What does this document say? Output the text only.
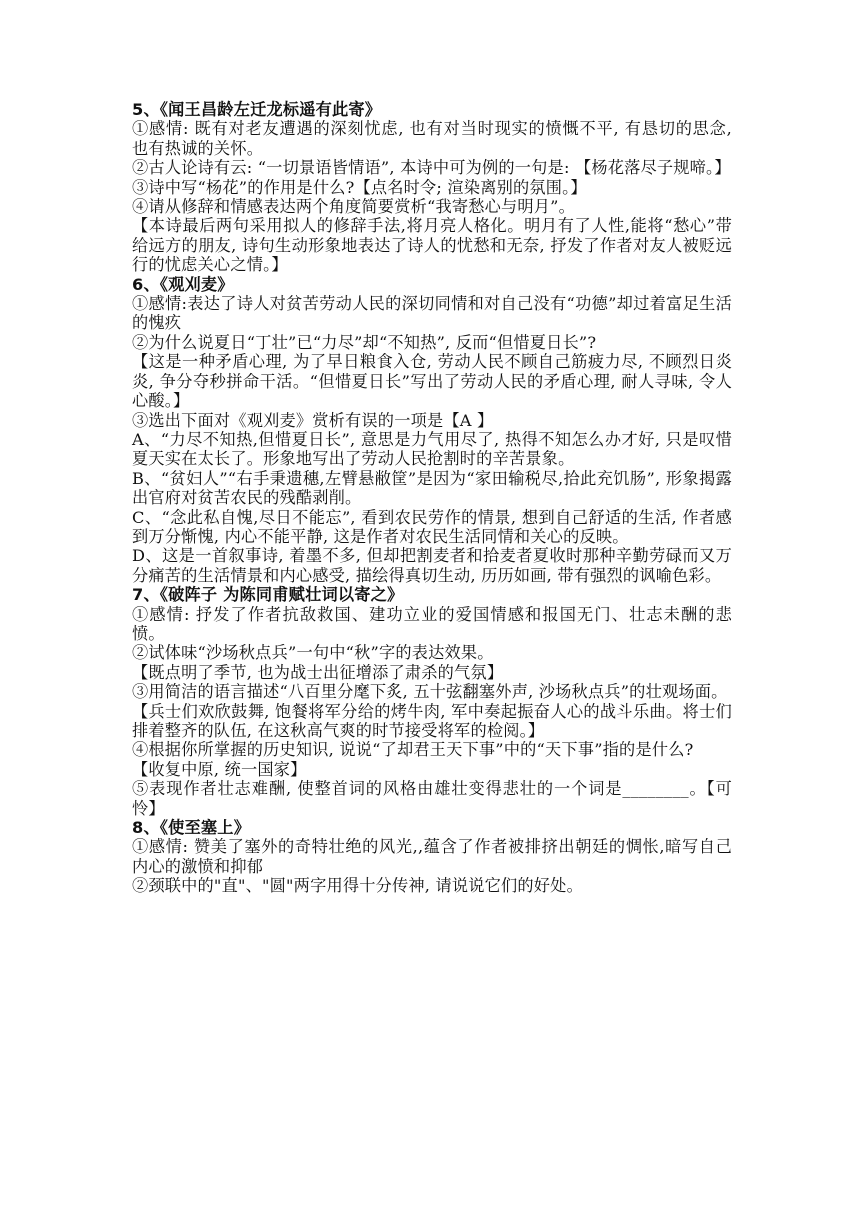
5、《闻王昌龄左迁龙标遥有此寄》

①感情: 既有对老友遭遇的深刻忧虑, 也有对当时现实的愤慨不平, 有恳切的思念, 也有热诚的关怀。

②古人论诗有云: “一切景语皆情语”, 本诗中可为例的一句是: 【杨花落尽子规啼。】

③诗中写“杨花”的作用是什么?【点名时令; 渲染离别的氛围。】

④请从修辞和情感表达两个角度简要赏析“我寄愁心与明月”。

【本诗最后两句采用拟人的修辞手法,将月亮人格化。明月有了人性,能将“愁心”带给远方的朋友, 诗句生动形象地表达了诗人的忧愁和无奈, 抒发了作者对友人被贬远行的忧虑关心之情。】

6、《观刈麦》

①感情:表达了诗人对贫苦劳动人民的深切同情和对自己没有“功德”却过着富足生活的愧疚

②为什么说夏日“丁壮”已“力尽”却“不知热”, 反而“但惜夏日长”?

【这是一种矛盾心理, 为了早日粮食入仓, 劳动人民不顾自己筋疲力尽, 不顾烈日炎炎, 争分夺秒拼命干活。“但惜夏日长”写出了劳动人民的矛盾心理, 耐人寻味, 令人心酸。】

③选出下面对《观刈麦》赏析有误的一项是【A 】

A、“力尽不知热,但惜夏日长”, 意思是力气用尽了, 热得不知怎么办才好, 只是叹惜夏天实在太长了。形象地写出了劳动人民抢割时的辛苦景象。

B、“贫妇人”“右手秉遗穗,左臂悬敝筐”是因为“家田输税尽,拾此充饥肠”, 形象揭露出官府对贫苦农民的残酷剥削。

C、“念此私自愧,尽日不能忘”, 看到农民劳作的情景, 想到自己舒适的生活, 作者感到万分惭愧, 内心不能平静, 这是作者对农民生活同情和关心的反映。

D、这是一首叙事诗, 着墨不多, 但却把割麦者和拾麦者夏收时那种辛勤劳碌而又万分痛苦的生活情景和内心感受, 描绘得真切生动, 历历如画, 带有强烈的讽喻色彩。

7、《破阵子 为陈同甫赋壮词以寄之》

①感情: 抒发了作者抗敌救国、建功立业的爱国情感和报国无门、壮志未酬的悲愤。

②试体味“沙场秋点兵”一句中“秋”字的表达效果。

【既点明了季节, 也为战士出征增添了肃杀的气氛】

③用简洁的语言描述“八百里分麾下炙, 五十弦翻塞外声, 沙场秋点兵”的壮观场面。

【兵士们欢欣鼓舞, 饱餐将军分给的烤牛肉, 军中奏起振奋人心的战斗乐曲。将士们排着整齐的队伍, 在这秋高气爽的时节接受将军的检阅。】

④根据你所掌握的历史知识, 说说“了却君王天下事”中的“天下事”指的是什么?

【收复中原, 统一国家】

⑤表现作者壮志难酬, 使整首词的风格由雄壮变得悲壮的一个词是________。【可怜】

8、《使至塞上》

①感情: 赞美了塞外的奇特壮绝的风光,,蕴含了作者被排挤出朝廷的惆怅,暗写自己内心的激愤和抑郁

②颈联中的"直"、"圆"两字用得十分传神, 请说说它们的好处。
